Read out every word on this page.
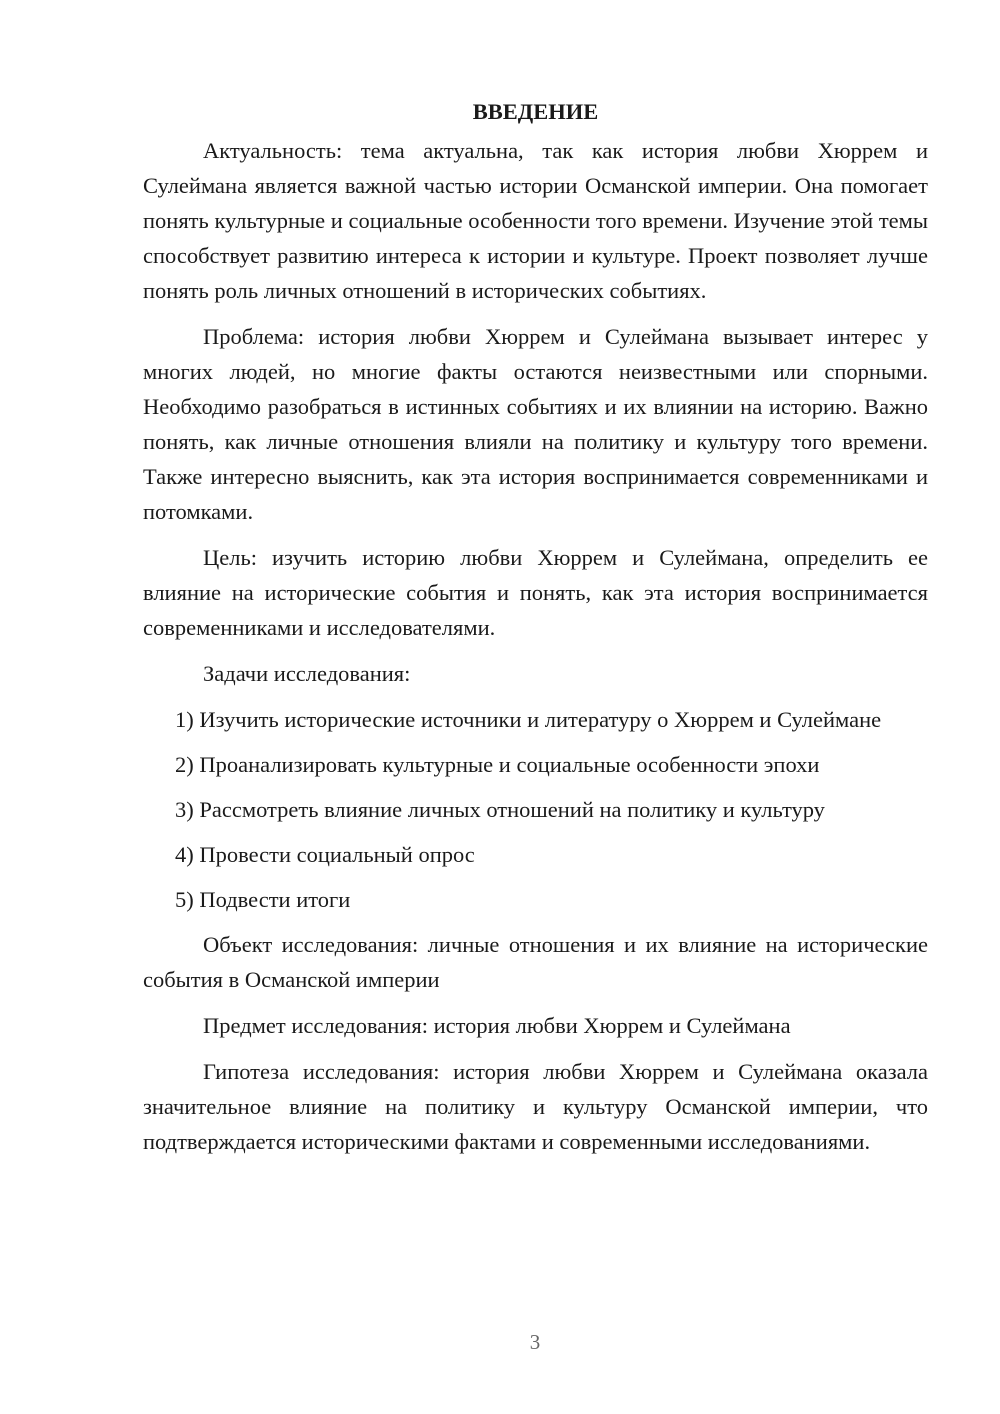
ВВЕДЕНИЕ

Актуальность: тема актуальна, так как история любви Хюррем и Сулеймана является важной частью истории Османской империи. Она помогает понять культурные и социальные особенности того времени. Изучение этой темы способствует развитию интереса к истории и культуре. Проект позволяет лучше понять роль личных отношений в исторических событиях.

Проблема: история любви Хюррем и Сулеймана вызывает интерес у многих людей, но многие факты остаются неизвестными или спорными. Необходимо разобраться в истинных событиях и их влиянии на историю. Важно понять, как личные отношения влияли на политику и культуру того времени. Также интересно выяснить, как эта история воспринимается современниками и потомками.

Цель: изучить историю любви Хюррем и Сулеймана, определить ее влияние на исторические события и понять, как эта история воспринимается современниками и исследователями.

Задачи исследования:

1) Изучить исторические источники и литературу о Хюррем и Сулеймане

2) Проанализировать культурные и социальные особенности эпохи

3) Рассмотреть влияние личных отношений на политику и культуру

4) Провести социальный опрос

5) Подвести итоги

Объект исследования: личные отношения и их влияние на исторические события в Османской империи

Предмет исследования: история любви Хюррем и Сулеймана

Гипотеза исследования: история любви Хюррем и Сулеймана оказала значительное влияние на политику и культуру Османской империи, что подтверждается историческими фактами и современными исследованиями.

3
